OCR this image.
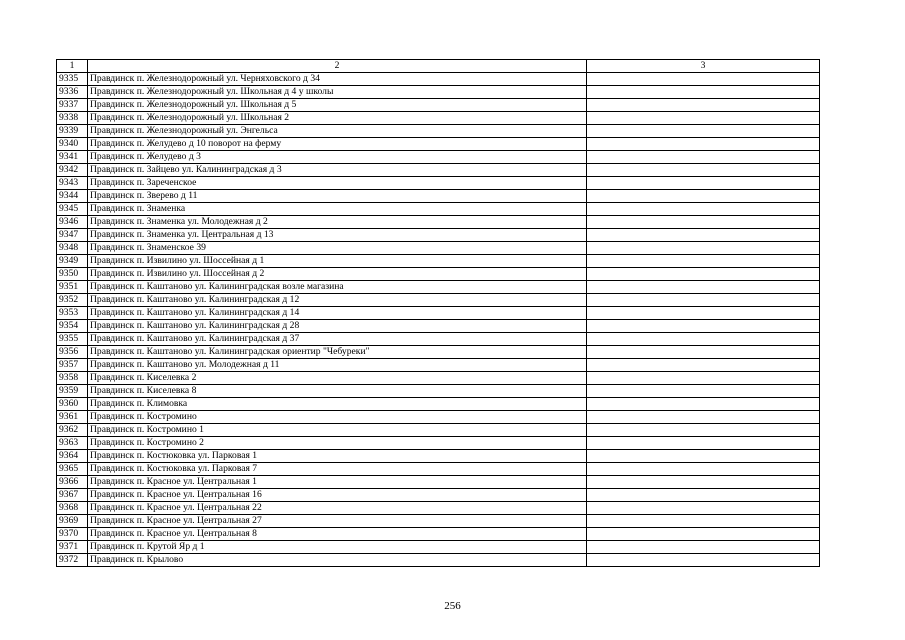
1	2	3
9335	Правдинск п. Железнодорожный ул. Черняховского д 34	
9336	Правдинск п. Железнодорожный ул. Школьная д 4 у школы	
9337	Правдинск п. Железнодорожный ул. Школьная д 5	
9338	Правдинск п. Железнодорожный ул. Школьная 2	
9339	Правдинск п. Железнодорожный ул. Энгельса	
9340	Правдинск п. Желудево д 10 поворот на ферму	
9341	Правдинск п. Желудево д 3	
9342	Правдинск п. Зайцево ул. Калининградская д 3	
9343	Правдинск п. Зареченское	
9344	Правдинск п. Зверево д 11	
9345	Правдинск п. Знаменка	
9346	Правдинск п. Знаменка ул. Молодежная д 2	
9347	Правдинск п. Знаменка ул. Центральная д 13	
9348	Правдинск п. Знаменское 39	
9349	Правдинск п. Извилино ул. Шоссейная д 1	
9350	Правдинск п. Извилино ул. Шоссейная д 2	
9351	Правдинск п. Каштаново ул. Калининградская возле магазина	
9352	Правдинск п. Каштаново ул. Калининградская д 12	
9353	Правдинск п. Каштаново ул. Калининградская д 14	
9354	Правдинск п. Каштаново ул. Калининградская д 28	
9355	Правдинск п. Каштаново ул. Калининградская д 37	
9356	Правдинск п. Каштаново ул. Калининградская ориентир "Чебуреки"	
9357	Правдинск п. Каштаново ул. Молодежная д 11	
9358	Правдинск п. Киселевка 2	
9359	Правдинск п. Киселевка 8	
9360	Правдинск п. Климовка	
9361	Правдинск п. Костромино	
9362	Правдинск п. Костромино 1	
9363	Правдинск п. Костромино 2	
9364	Правдинск п. Костюковка ул. Парковая 1	
9365	Правдинск п. Костюковка ул. Парковая 7	
9366	Правдинск п. Красное ул. Центральная 1	
9367	Правдинск п. Красное ул. Центральная 16	
9368	Правдинск п. Красное ул. Центральная 22	
9369	Правдинск п. Красное ул. Центральная 27	
9370	Правдинск п. Красное ул. Центральная 8	
9371	Правдинск п. Крутой Яр д 1	
9372	Правдинск п. Крылово	
256
